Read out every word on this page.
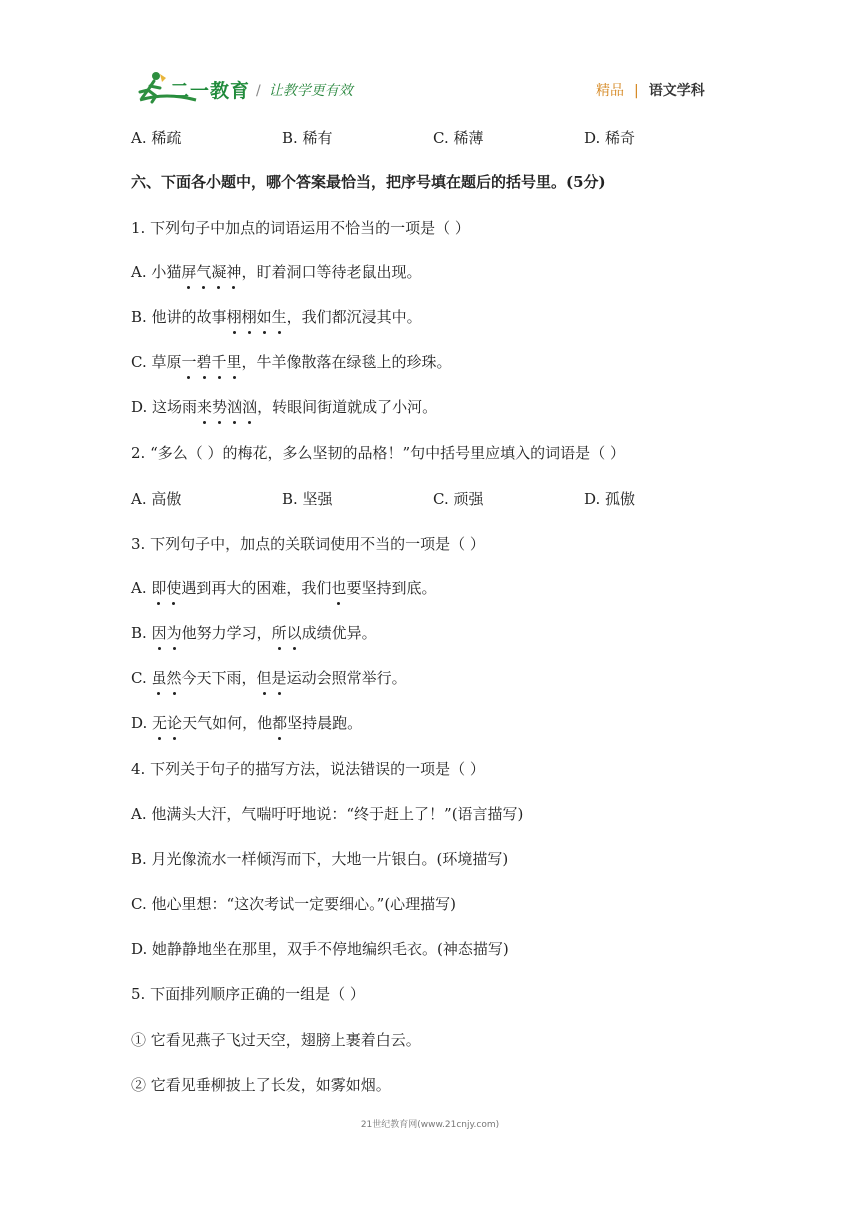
二一教育 / 让教学更有效	精品 | 语文学科
A. 稀疏	B. 稀有	C. 稀薄	D. 稀奇
六、下面各小题中，哪个答案最恰当，把序号填在题后的括号里。(5分)
1. 下列句子中加点的词语运用不恰当的一项是（ ）
A. 小猫屏气凝神，盯着洞口等待老鼠出现。
B. 他讲的故事栩栩如生，我们都沉浸其中。
C. 草原一碧千里，牛羊像散落在绿毯上的珍珠。
D. 这场雨来势汹汹，转眼间街道就成了小河。
2. “多么（ ）的梅花，多么坚韧的品格！”句中括号里应填入的词语是（ ）
A. 高傲	B. 坚强	C. 顽强	D. 孤傲
3. 下列句子中，加点的关联词使用不当的一项是（ ）
A. 即使遇到再大的困难，我们也要坚持到底。
B. 因为他努力学习，所以成绩优异。
C. 虽然今天下雨，但是运动会照常举行。
D. 无论天气如何，他都坚持晨跑。
4. 下列关于句子的描写方法，说法错误的一项是（ ）
A. 他满头大汗，气喘吁吁地说：“终于赶上了！”(语言描写)
B. 月光像流水一样倾泻而下，大地一片银白。(环境描写)
C. 他心里想：“这次考试一定要细心。”(心理描写)
D. 她静静地坐在那里，双手不停地编织毛衣。(神态描写)
5. 下面排列顺序正确的一组是（ ）
① 它看见燕子飞过天空，翅膀上裹着白云。
② 它看见垂柳披上了长发，如雾如烟。
21世纪教育网(www.21cnjy.com)
